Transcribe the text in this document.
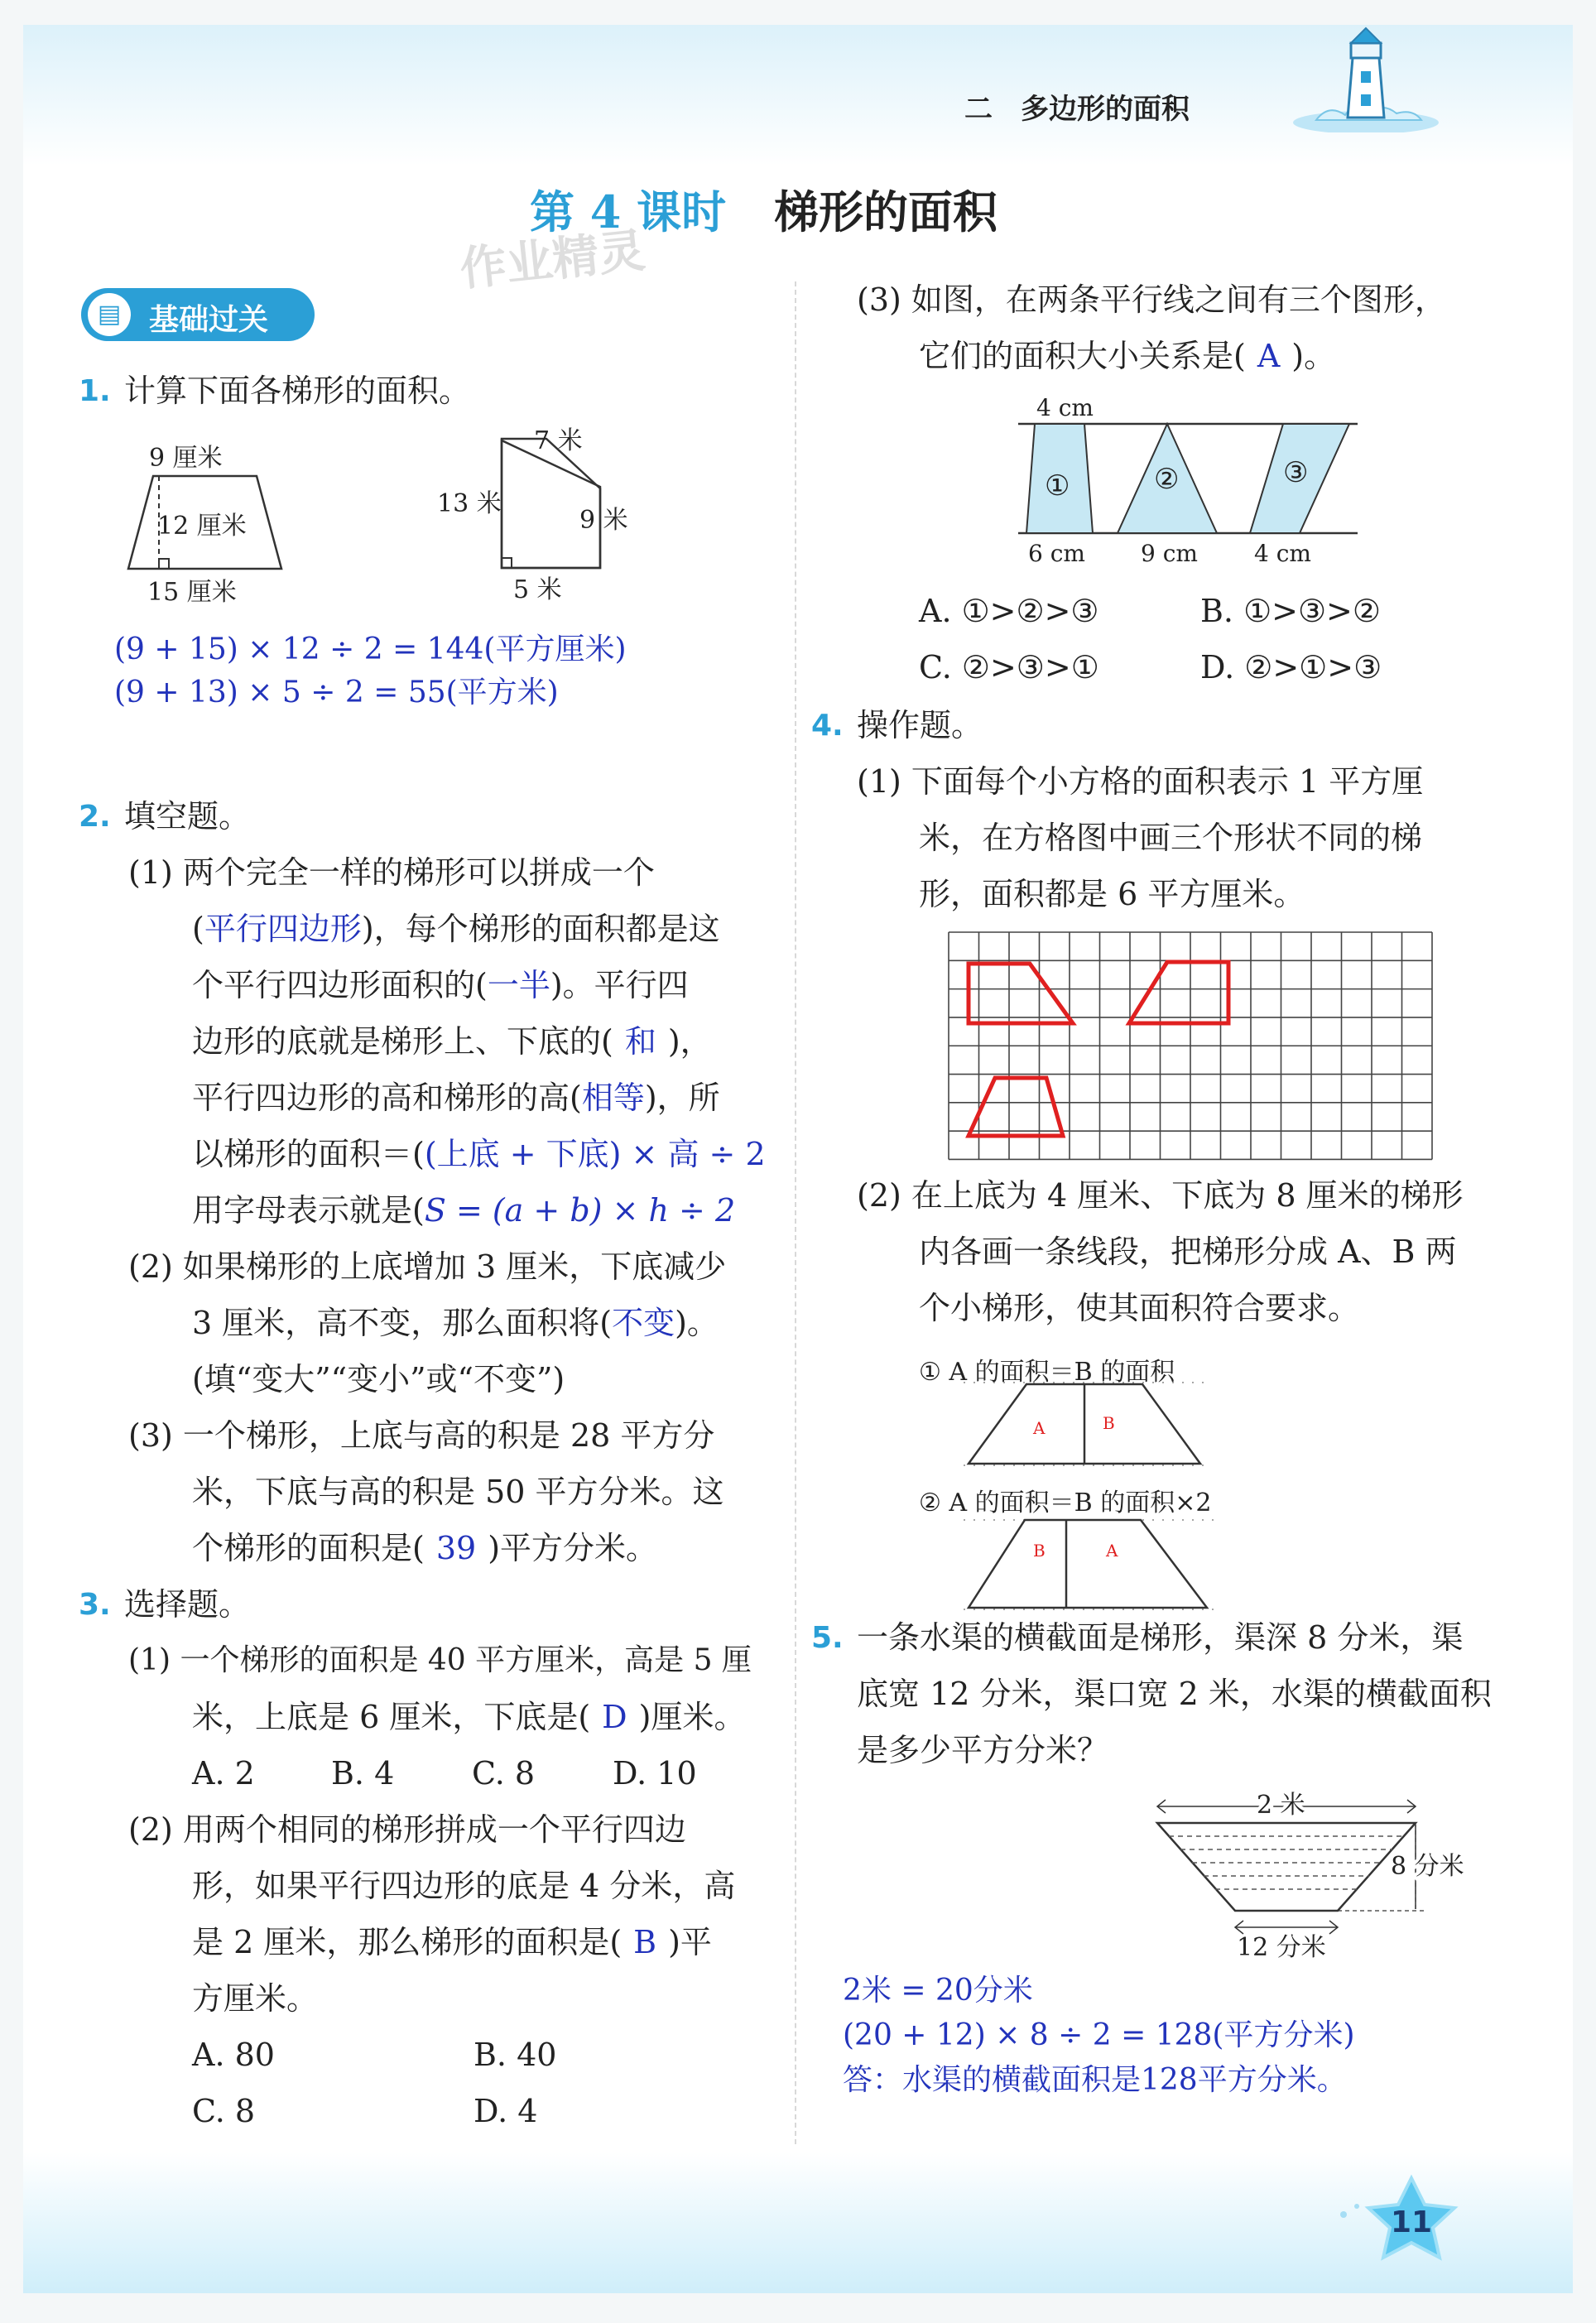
二　多边形的面积
第 4 课时 梯形的面积
作业精灵
▤ 基础过关
1. 计算下面各梯形的面积。
9 厘米
12 厘米
15 厘米
7 米
13 米
9 米
5 米
(9 + 15) × 12 ÷ 2 = 144(平方厘米)
(9 + 13) × 5 ÷ 2 = 55(平方米)
2. 填空题。
(1) 两个完全一样的梯形可以拼成一个
(平行四边形)，每个梯形的面积都是这
个平行四边形面积的(一半)。平行四
边形的底就是梯形上、下底的( 和 )，
平行四边形的高和梯形的高(相等)，所
以梯形的面积＝((上底 + 下底) × 高 ÷ 2
用字母表示就是(S = (a + b) × h ÷ 2
(2) 如果梯形的上底增加 3 厘米，下底减少
3 厘米，高不变，那么面积将(不变)。
(填“变大”“变小”或“不变”)
(3) 一个梯形，上底与高的积是 28 平方分
米，下底与高的积是 50 平方分米。这
个梯形的面积是( 39 )平方分米。
3. 选择题。
(1) 一个梯形的面积是 40 平方厘米，高是 5 厘
米，上底是 6 厘米，下底是( D )厘米。
A. 2 B. 4 C. 8 D. 10
(2) 用两个相同的梯形拼成一个平行四边
形，如果平行四边形的底是 4 分米，高
是 2 厘米，那么梯形的面积是( B )平
方厘米。
A. 80	B. 40
C. 8	D. 4
(3) 如图，在两条平行线之间有三个图形，
它们的面积大小关系是( A )。
4 cm
①	②	③
6 cm 9 cm 4 cm
A. ①>②>③	B. ①>③>②
C. ②>③>①	D. ②>①>③
4. 操作题。
(1) 下面每个小方格的面积表示 1 平方厘
米，在方格图中画三个形状不同的梯
形，面积都是 6 平方厘米。
(2) 在上底为 4 厘米、下底为 8 厘米的梯形
内各画一条线段，把梯形分成 A、B 两
个小梯形，使其面积符合要求。
① A 的面积＝B 的面积
A	B
② A 的面积＝B 的面积×2
B	A
5. 一条水渠的横截面是梯形，渠深 8 分米，渠
底宽 12 分米，渠口宽 2 米，水渠的横截面积
是多少平方分米？
2 米
8 分米
12 分米
2米 = 20分米
(20 + 12) × 8 ÷ 2 = 128(平方分米)
答：水渠的横截面积是128平方分米。
11
